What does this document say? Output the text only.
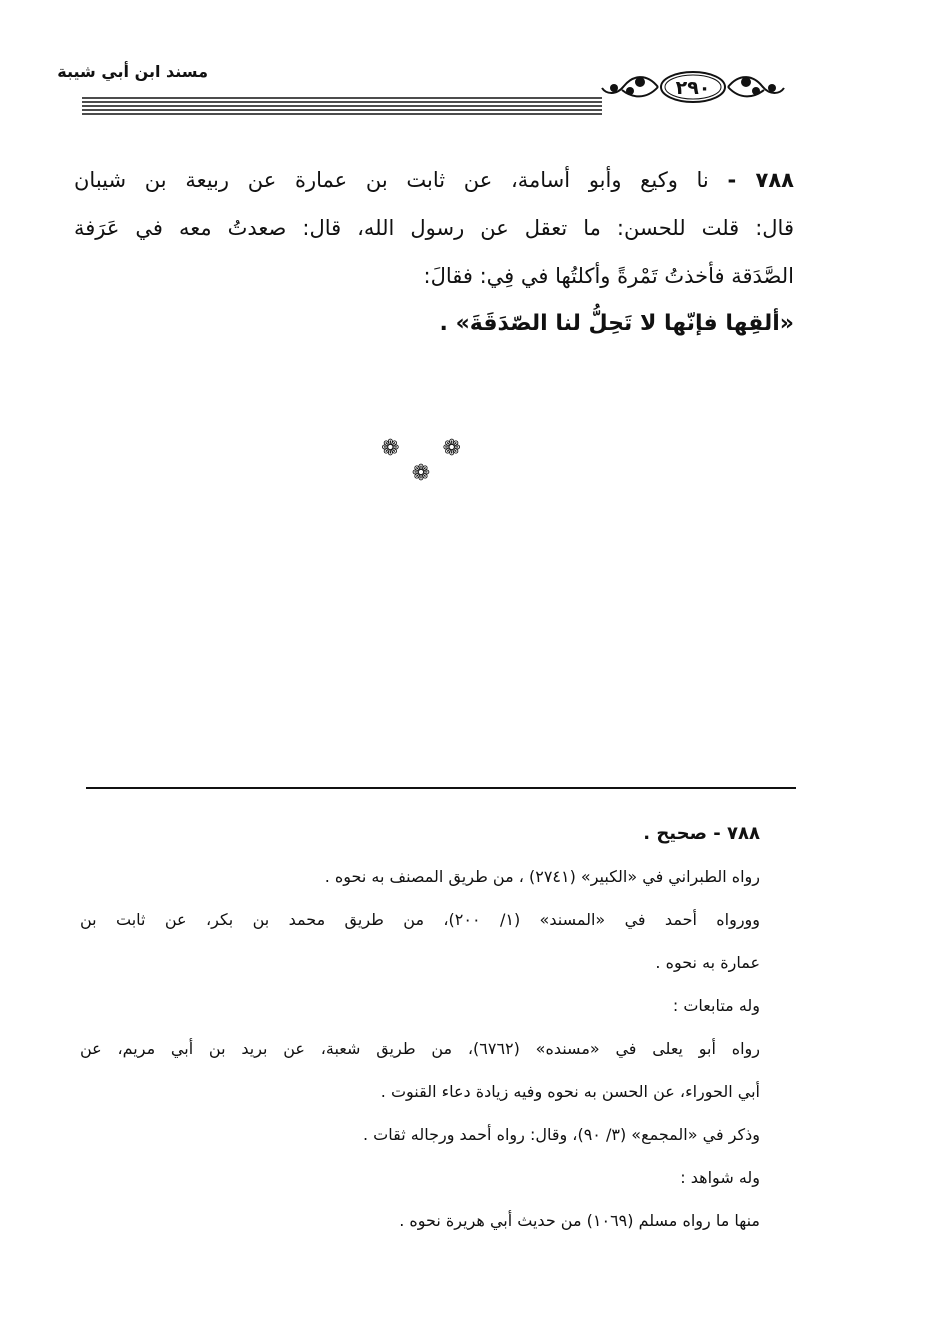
مسند ابن أبي شيبة
٢٩٠
٧٨٨ - نا وكيع وأبو أسامة، عن ثابت بن عمارة عن ربيعة بن شيبان
قال: قلت للحسن: ما تعقل عن رسول الله، قال: صعدتُ معه في عَرَفة
الصَّدَقة فأخذتُ تَمْرةً وأكلتُها في فِي: فقالَ:
«ألقِها فإنّها لا تَحِلُّ لنا الصّدَقَةَ» .
❁ ❁ ❁
٧٨٨ - صحيح .
رواه الطبراني في «الكبير» (٢٧٤١) ، من طريق المصنف به نحوه .
وورواه أحمد في «المسند» (١/ ٢٠٠)، من طريق محمد بن بكر، عن ثابت بن
عمارة به نحوه .
وله متابعات :
رواه أبو يعلى في «مسنده» (٦٧٦٢)، من طريق شعبة، عن بريد بن أبي مريم، عن
أبي الحوراء، عن الحسن به نحوه وفيه زيادة دعاء القنوت .
وذكر في «المجمع» (٣/ ٩٠)، وقال: رواه أحمد ورجاله ثقات .
وله شواهد :
منها ما رواه مسلم (١٠٦٩) من حديث أبي هريرة نحوه .
